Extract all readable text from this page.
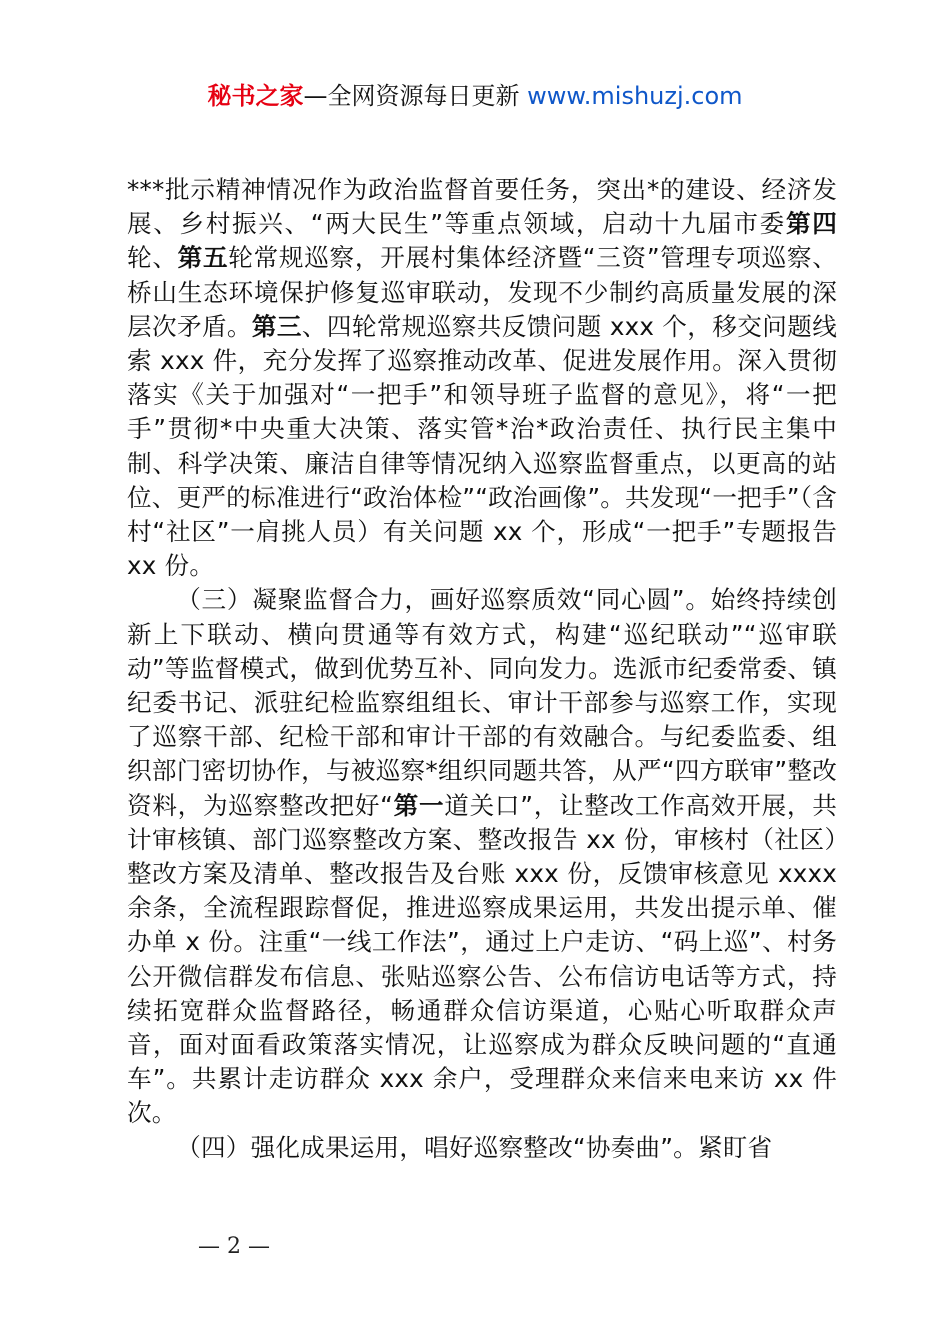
秘书之家—全网资源每日更新 www.mishuzj.com

***批示精神情况作为政治监督首要任务，突出*的建设、经济发展、乡村振兴、“两大民生”等重点领域，启动十九届市委第四轮、第五轮常规巡察，开展村集体经济暨“三资”管理专项巡察、桥山生态环境保护修复巡审联动，发现不少制约高质量发展的深层次矛盾。第三、四轮常规巡察共反馈问题 xxx 个，移交问题线索 xxx 件，充分发挥了巡察推动改革、促进发展作用。深入贯彻落实《关于加强对“一把手”和领导班子监督的意见》，将“一把手”贯彻*中央重大决策、落实管*治*政治责任、执行民主集中制、科学决策、廉洁自律等情况纳入巡察监督重点，以更高的站位、更严的标准进行“政治体检”“政治画像”。共发现“一把手”（含村“社区”一肩挑人员）有关问题 xx 个，形成“一把手”专题报告 xx 份。

（三）凝聚监督合力，画好巡察质效“同心圆”。始终持续创新上下联动、横向贯通等有效方式，构建“巡纪联动”“巡审联动”等监督模式，做到优势互补、同向发力。选派市纪委常委、镇纪委书记、派驻纪检监察组组长、审计干部参与巡察工作，实现了巡察干部、纪检干部和审计干部的有效融合。与纪委监委、组织部门密切协作，与被巡察*组织同题共答，从严“四方联审”整改资料，为巡察整改把好“第一道关口”，让整改工作高效开展，共计审核镇、部门巡察整改方案、整改报告 xx 份，审核村（社区）整改方案及清单、整改报告及台账 xxx 份，反馈审核意见 xxxx 余条，全流程跟踪督促，推进巡察成果运用，共发出提示单、催办单 x 份。注重“一线工作法”，通过上户走访、“码上巡”、村务公开微信群发布信息、张贴巡察公告、公布信访电话等方式，持续拓宽群众监督路径，畅通群众信访渠道，心贴心听取群众声音，面对面看政策落实情况，让巡察成为群众反映问题的“直通车”。共累计走访群众 xxx 余户，受理群众来信来电来访 xx 件次。

（四）强化成果运用，唱好巡察整改“协奏曲”。紧盯省

— 2 —
